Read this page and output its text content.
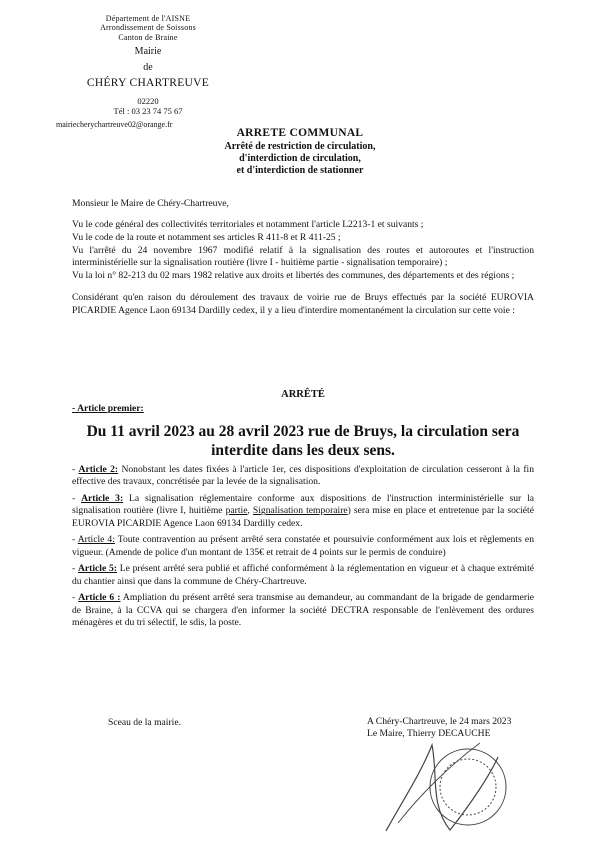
Département de l'AISNE
Arrondissement de Soissons
Canton de Braine
Mairie
de
CHÉRY CHARTREUVE
02220
Tél : 03 23 74 75 67
mairiecherychartreuve02@orange.fr
ARRETE COMMUNAL
Arrêté de restriction de circulation,
d'interdiction de circulation,
et d'interdiction de stationner

Monsieur le Maire de Chéry-Chartreuve,

Vu le code général des collectivités territoriales et notamment l'article L2213-1 et suivants ;

Vu le code de la route et notamment ses articles R 411-8 et R 411-25 ;

Vu l'arrêté du 24 novembre 1967 modifié relatif à la signalisation des routes et autoroutes et l'instruction interministérielle sur la signalisation routière (livre I - huitième partie - signalisation temporaire) ;

Vu la loi n° 82-213 du 02 mars 1982 relative aux droits et libertés des communes, des départements et des régions ;

Considérant qu'en raison du déroulement des travaux de voirie rue de Bruys effectués par la société EUROVIA PICARDIE Agence Laon 69134 Dardilly cedex, il y a lieu d'interdire momentanément la circulation sur cette voie :

ARRÊTÉ
- Article premier:
Du 11 avril 2023 au 28 avril 2023 rue de Bruys, la circulation sera
interdite dans les deux sens.

- Article 2: Nonobstant les dates fixées à l'article 1er, ces dispositions d'exploitation de circulation cesseront à la fin effective des travaux, concrétisée par la levée de la signalisation.

- Article 3: La signalisation réglementaire conforme aux dispositions de l'instruction interministérielle sur la signalisation routière (livre I, huitième partie, Signalisation temporaire) sera mise en place et entretenue par la société EUROVIA PICARDIE Agence Laon 69134 Dardilly cedex.

- Article 4: Toute contravention au présent arrêté sera constatée et poursuivie conformément aux lois et règlements en vigueur. (Amende de police d'un montant de 135€ et retrait de 4 points sur le permis de conduire)

- Article 5: Le présent arrêté sera publié et affiché conformément à la réglementation en vigueur et à chaque extrémité du chantier ainsi que dans la commune de Chéry-Chartreuve.

- Article 6 : Ampliation du présent arrêté sera transmise au demandeur, au commandant de la brigade de gendarmerie de Braine, à la CCVA qui se chargera d'en informer la société DECTRA responsable de l'enlèvement des ordures ménagères et du tri sélectif, le sdis, la poste.

Sceau de la mairie.	A Chéry-Chartreuve, le 24 mars 2023
Le Maire, Thierry DECAUCHE
